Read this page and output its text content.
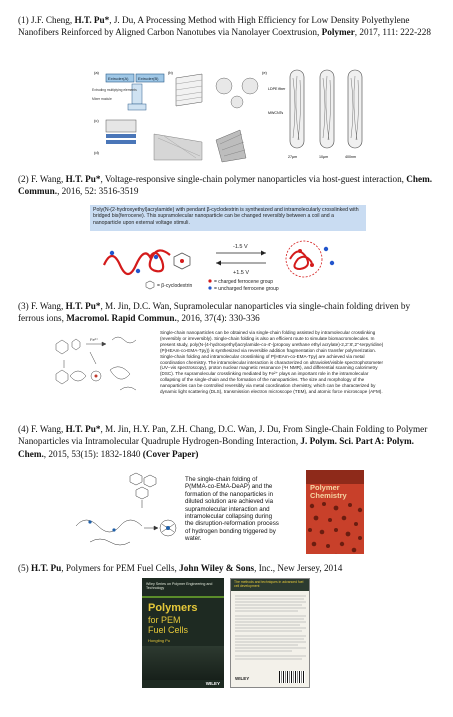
(1) J.F. Cheng, H.T. Pu*, J. Du, A Processing Method with High Efficiency for Low Density Polyethylene Nanofibers Reinforced by Aligned Carbon Nanotubes via Nanolayer Coextrusion, Polymer, 2017, 111: 222-228
Extruder(A) Extruder(B)
Extruding multiplying elements
Mixer module
(a)	(b)
(c)
(d)
LDPE fiber
MWCNTs
(e)
27μm	10μm	400nm
(2) F. Wang, H.T. Pu*, Voltage-responsive single-chain polymer nanoparticles via host-guest interaction, Chem. Commun., 2016, 52: 3516-3519
Poly(N-(2-hydroxyethyl)acrylamide) with pendant β-cyclodextrin is synthesized and intramolecularly crosslinked with bridged bis(ferrocene). This supramolecular nanoparticle can be changed reversibly between a coil and a nanoparticle upon external voltage stimuli.
-1.5 V
+1.5 V
= β-cyclodextrin
= charged ferrocene group
= uncharged ferrocene group
(3) F. Wang, H.T. Pu*, M. Jin, D.C. Wan, Supramolecular nanoparticles via single-chain folding driven by ferrous ions, Macromol. Rapid Commun., 2016, 37(4): 330-336
Fe²⁺
Single-chain nanoparticles can be obtained via single-chain folding assisted by intramolecular crosslinking (reversibly or irreversibly). Single-chain folding is also an efficient route to simulate biomacromolecules. In present study, poly(N-(4-hydroxyethyl)acrylamide-co-4'-(propoxy urethane ethyl acrylate)-2,2':6',2"-terpyridine) (P(HEAm-co-EMA-Tpy)) is synthesized via reversible addition fragmentation chain transfer polymerization. Single-chain folding and intramolecular crosslinking of P(HEAm-co-EMA-Tpy) are achieved via metal coordination chemistry. The intramolecular interaction is characterized on ultraviolet/visible spectrophotometer (UV−vis spectroscopy), proton nuclear magnetic resonance (¹H NMR), and differential scanning calorimetry (DSC). The supramolecular crosslinking mediated by Fe²⁺ plays an important role in the intramolecular collapsing of the single-chain and the formation of the nanoparticles. The size and morphology of the nanoparticles can be controlled reversibly via metal coordination chemistry, which can be characterized by dynamic light scattering (DLS), transmission electron microscope (TEM), and atomic force microscope (AFM).
(4) F. Wang, H.T. Pu*, M. Jin, H.Y. Pan, Z.H. Chang, D.C. Wan, J. Du, From Single-Chain Folding to Polymer Nanoparticles via Intramolecular Quadruple Hydrogen-Bonding Interaction, J. Polym. Sci. Part A: Polym. Chem., 2015, 53(15): 1832-1840 (Cover Paper)
The single-chain folding of P(MMA-co-EMA-DeAP) and the formation of the nanoparticles in diluted solution are achieved via supramolecular interaction and intramolecular collapsing during the disruption-reformation process of hydrogen bonding triggered by water.
Polymer Chemistry
(5) H.T. Pu, Polymers for PEM Fuel Cells, John Wiley & Sons, Inc., New Jersey, 2014
Wiley Series on Polymer Engineering and Technology
Polymers
for PEM
Fuel Cells
Hongting Pu
WILEY
The methods and techniques in advanced fuel cell development
WILEY
